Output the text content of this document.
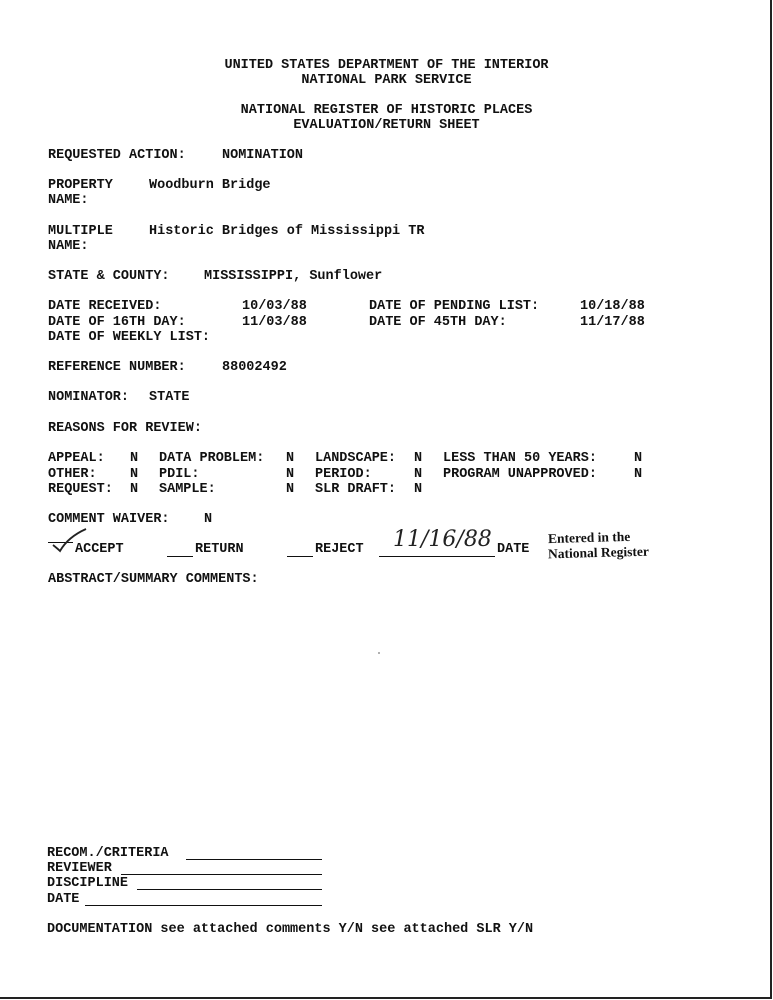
UNITED STATES DEPARTMENT OF THE INTERIOR
NATIONAL PARK SERVICE
NATIONAL REGISTER OF HISTORIC PLACES
EVALUATION/RETURN SHEET
REQUESTED ACTION:	NOMINATION
PROPERTY
NAME:
Woodburn Bridge
MULTIPLE
NAME:
Historic Bridges of Mississippi TR
STATE & COUNTY:	MISSISSIPPI, Sunflower
DATE RECEIVED:	10/03/88	DATE OF PENDING LIST:	10/18/88
DATE OF 16TH DAY:	11/03/88	DATE OF 45TH DAY:	11/17/88
DATE OF WEEKLY LIST:
REFERENCE NUMBER:	88002492
NOMINATOR: STATE
REASONS FOR REVIEW:
APPEAL: N DATA PROBLEM: N LANDSCAPE: N LESS THAN 50 YEARS:	N
OTHER: N PDIL:	N PERIOD:	N PROGRAM UNAPPROVED:	N
REQUEST: N SAMPLE:	N SLR DRAFT: N
COMMENT WAIVER:	N
ACCEPT	RETURN	REJECT 11/16/88 DATE
Entered in the
National Register
ABSTRACT/SUMMARY COMMENTS:
RECOM./CRITERIA
REVIEWER
DISCIPLINE
DATE
DOCUMENTATION see attached comments Y/N see attached SLR Y/N
